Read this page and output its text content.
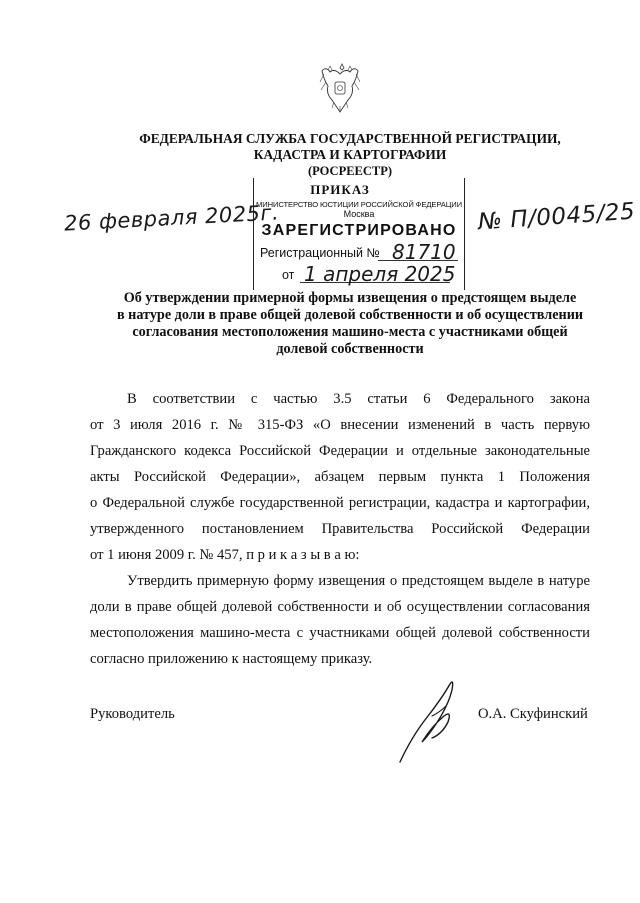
ФЕДЕРАЛЬНАЯ СЛУЖБА ГОСУДАРСТВЕННОЙ РЕГИСТРАЦИИ,
КАДАСТРА И КАРТОГРАФИИ
(РОСРЕЕСТР)
ПРИКАЗ
26 февраля 2025г.	№ П/0045/25
МИНИСТЕРСТВО ЮСТИЦИИ РОССИЙСКОЙ ФЕДЕРАЦИИ
Москва
ЗАРЕГИСТРИРОВАНО
Регистрационный № 81710
от 1 апреля 2025
Об утверждении примерной формы извещения о предстоящем выделе
в натуре доли в праве общей долевой собственности и об осуществлении
согласования местоположения машино-места с участниками общей
долевой собственности
В соответствии с частью 3.5 статьи 6 Федерального закона
от 3 июля 2016 г. № 315-ФЗ «О внесении изменений в часть первую
Гражданского кодекса Российской Федерации и отдельные законодательные
акты Российской Федерации», абзацем первым пункта 1 Положения
о Федеральной службе государственной регистрации, кадастра и картографии,
утвержденного постановлением Правительства Российской Федерации
от 1 июня 2009 г. № 457, п р и к а з ы в а ю:
Утвердить примерную форму извещения о предстоящем выделе в натуре
доли в праве общей долевой собственности и об осуществлении согласования
местоположения машино-места с участниками общей долевой собственности
согласно приложению к настоящему приказу.
Руководитель	О.А. Скуфинский
